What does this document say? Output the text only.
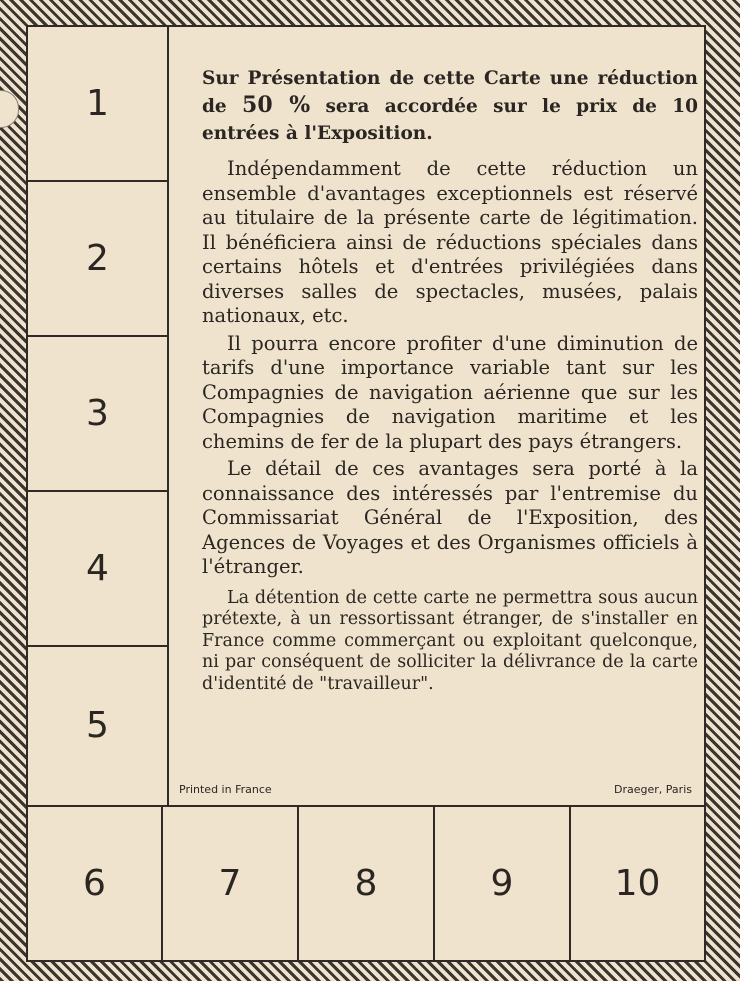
1
2
3
4
5

Sur Présentation de cette Carte une réduction de 50 % sera accordée sur le prix de 10 entrées à l'Exposition.

Indépendamment de cette réduction un ensemble d'avantages exceptionnels est réservé au titulaire de la présente carte de légitimation. Il bénéficiera ainsi de réductions spéciales dans certains hôtels et d'entrées privilégiées dans diverses salles de spectacles, musées, palais nationaux, etc.

Il pourra encore profiter d'une diminution de tarifs d'une importance variable tant sur les Compagnies de navigation aérienne que sur les Compagnies de navigation maritime et les chemins de fer de la plupart des pays étrangers.

Le détail de ces avantages sera porté à la connaissance des intéressés par l'entremise du Commissariat Général de l'Exposition, des Agences de Voyages et des Organismes officiels à l'étranger.

La détention de cette carte ne permettra sous aucun prétexte, à un ressortissant étranger, de s'installer en France comme commerçant ou exploitant quelconque, ni par conséquent de solliciter la délivrance de la carte d'identité de "travailleur".

Printed in France	Draeger, Paris
6	7	8	9	10
